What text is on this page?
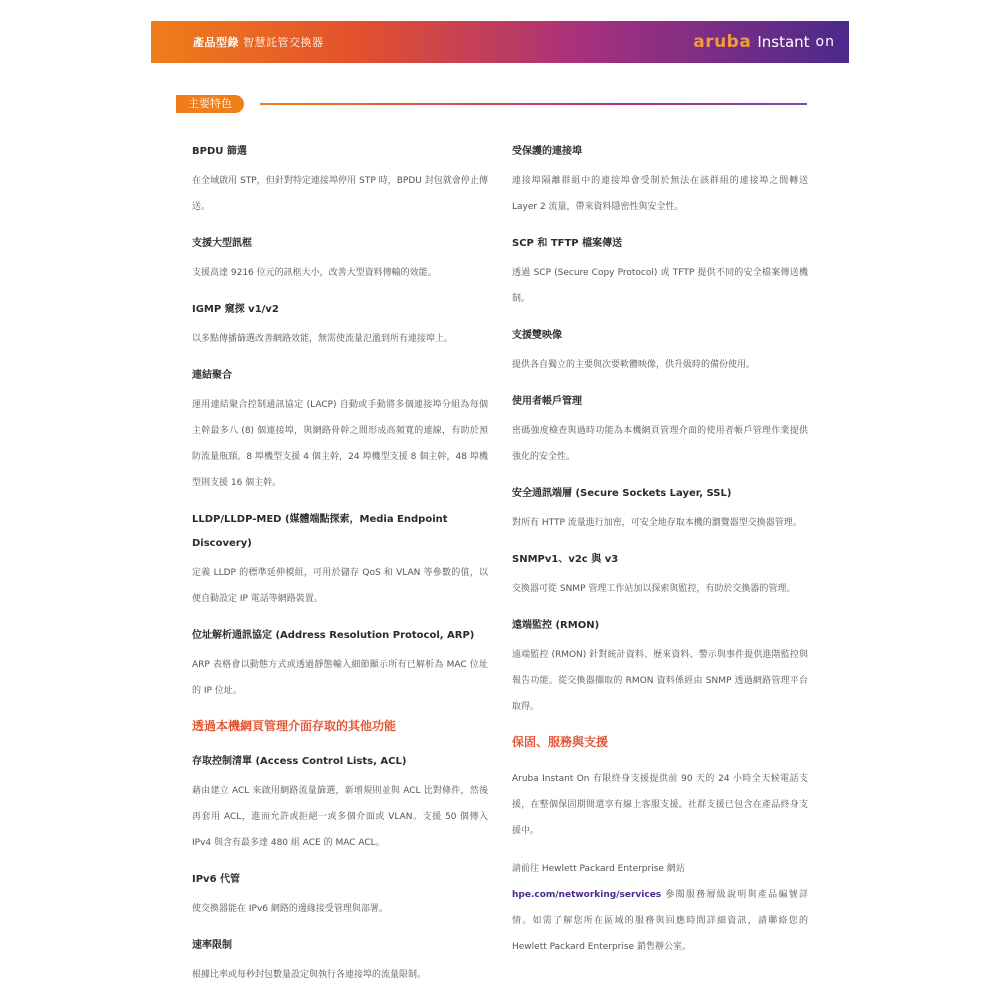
產品型錄 智慧託管交換器	aruba Instant on
主要特色
BPDU 篩選

在全域啟用 STP，但針對特定連接埠停用 STP 時，BPDU 封包就會停止傳送。

支援大型訊框

支援高達 9216 位元的訊框大小，改善大型資料傳輸的效能。

IGMP 窺探 v1/v2

以多點傳播篩選改善網路效能，無需使流量氾濫到所有連接埠上。

連結聚合

運用連結聚合控制通訊協定 (LACP) 自動或手動將多個連接埠分組為每個主幹最多八 (8) 個連接埠，與網路骨幹之間形成高頻寬的連線，有助於預防流量瓶頸。8 埠機型支援 4 個主幹，24 埠機型支援 8 個主幹，48 埠機型則支援 16 個主幹。

LLDP/LLDP-MED (媒體端點探索，Media Endpoint Discovery)

定義 LLDP 的標準延伸模組，可用於儲存 QoS 和 VLAN 等參數的值，以便自動設定 IP 電話等網路裝置。

位址解析通訊協定 (Address Resolution Protocol, ARP)

ARP 表格會以動態方式或透過靜態輸入細節顯示所有已解析為 MAC 位址的 IP 位址。

透過本機網頁管理介面存取的其他功能
存取控制清單 (Access Control Lists, ACL)

藉由建立 ACL 來啟用網路流量篩選，新增規則並與 ACL 比對條件，然後再套用 ACL，進而允許或拒絕一或多個介面或 VLAN。支援 50 個傳入 IPv4 與含有最多達 480 組 ACE 的 MAC ACL。

IPv6 代管

使交換器能在 IPv6 網路的邊緣接受管理與部署。

速率限制

根據比率或每秒封包數量設定與執行各連接埠的流量限制。

受保護的連接埠

連接埠隔離群組中的連接埠會受制於無法在該群組的連接埠之間轉送 Layer 2 流量，帶來資料隱密性與安全性。

SCP 和 TFTP 檔案傳送

透過 SCP (Secure Copy Protocol) 或 TFTP 提供不同的安全檔案傳送機制。

支援雙映像

提供各自獨立的主要與次要軟體映像，供升級時的備份使用。

使用者帳戶管理

密碼強度檢查與過時功能為本機網頁管理介面的使用者帳戶管理作業提供強化的安全性。

安全通訊端層 (Secure Sockets Layer, SSL)

對所有 HTTP 流量進行加密，可安全地存取本機的瀏覽器型交換器管理。

SNMPv1、v2c 與 v3

交換器可從 SNMP 管理工作站加以探索與監控，有助於交換器的管理。

遠端監控 (RMON)

遠端監控 (RMON) 針對統計資料、歷來資料、警示與事件提供進階監控與報告功能。從交換器擷取的 RMON 資料係經由 SNMP 透過網路管理平台取得。

保固、服務與支援

Aruba Instant On 有限終身支援提供前 90 天的 24 小時全天候電話支援，在整個保固期間還享有線上客服支援。社群支援已包含在產品終身支援中。

請前往 Hewlett Packard Enterprise 網站
hpe.com/networking/services 參閱服務層級說明與產品編號詳情。如需了解您所在區域的服務與回應時間詳細資訊，請聯絡您的 Hewlett Packard Enterprise 銷售辦公室。
